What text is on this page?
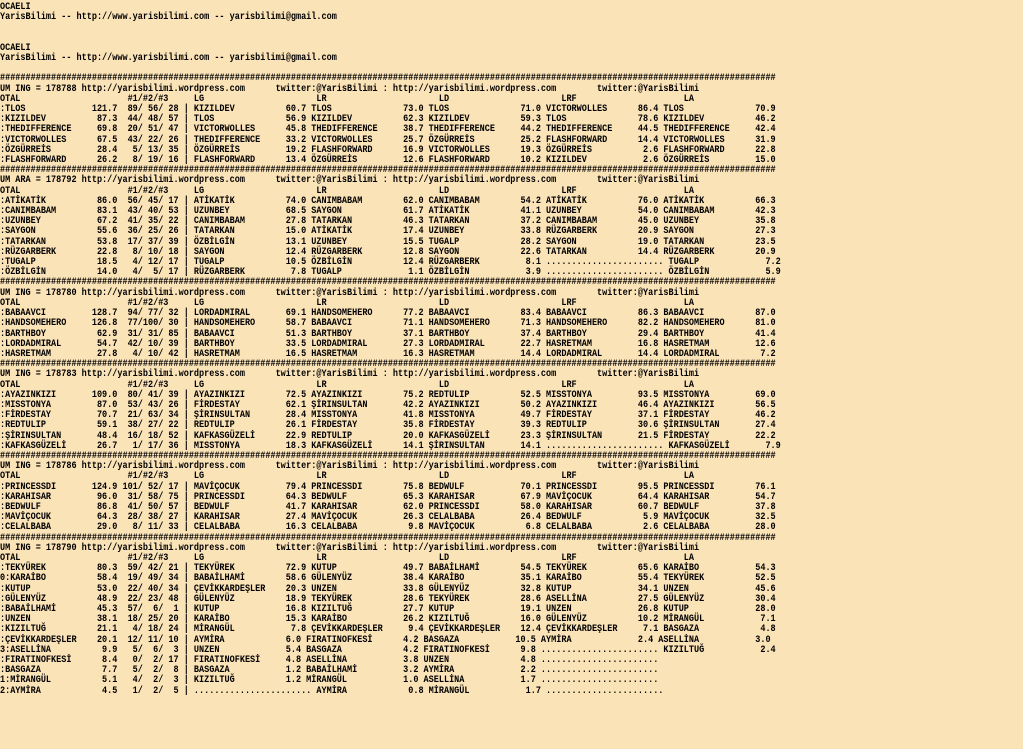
OCAELI
YarisBilimi -- http://www.yarisbilimi.com -- yarisbilimi@gmail.com

OCAELI
YarisBilimi -- http://www.yarisbilimi.com -- yarisbilimi@gmail.com

########################################################################################################################################################
UM ING = 178788 http://yarisbilimi.wordpress.com      twitter:@YarisBilimi : http://yarisbilimi.wordpress.com        twitter:@YarisBilimi
OTAL                     #1/#2/#3     LG                      LR                      LD                      LRF                     LA
:TLOS             121.7  89/ 56/ 28 | KIZILDEV          60.7 TLOS              73.0 TLOS              71.0 VICTORWOLLES      86.4 TLOS              70.9
:KIZILDEV          87.3  44/ 48/ 57 | TLOS              56.9 KIZILDEV          62.3 KIZILDEV          59.3 TLOS              78.6 KIZILDEV          46.2
:THEDIFFERENCE     69.8  20/ 51/ 47 | VICTORWOLLES      45.8 THEDIFFERENCE     38.7 THEDIFFERENCE     44.2 THEDIFFERENCE     44.5 THEDIFFERENCE     42.4
:VICTORWOLLES      67.5  43/ 22/ 26 | THEDIFFERENCE     33.2 VICTORWOLLES      25.7 ÖZGÜRREİS         25.2 FLASHFORWARD      14.4 VICTORWOLLES      31.9
:ÖZGÜRREİS         28.4   5/ 13/ 35 | ÖZGÜRREİS         19.2 FLASHFORWARD      16.9 VICTORWOLLES      19.3 ÖZGÜRREİS          2.6 FLASHFORWARD      22.8
:FLASHFORWARD      26.2   8/ 19/ 16 | FLASHFORWARD      13.4 ÖZGÜRREİS         12.6 FLASHFORWARD      10.2 KIZILDEV           2.6 ÖZGÜRREİS         15.0
########################################################################################################################################################
UM ARA = 178792 http://yarisbilimi.wordpress.com      twitter:@YarisBilimi : http://yarisbilimi.wordpress.com        twitter:@YarisBilimi
OTAL                     #1/#2/#3     LG                      LR                      LD                      LRF                     LA
:ATİKATİK          86.0  56/ 45/ 17 | ATİKATİK          74.0 CANIMBABAM        62.0 CANIMBABAM        54.2 ATİKATİK          76.0 ATİKATİK          66.3
:CANIMBABAM        83.1  43/ 40/ 53 | UZUNBEY           68.5 SAYGON            61.7 ATİKATİK          41.1 UZUNBEY           54.0 CANIMBABAM        42.3
:UZUNBEY           67.2  41/ 35/ 22 | CANIMBABAM        27.8 TATARKAN          46.3 TATARKAN          37.2 CANIMBABAM        45.0 UZUNBEY           35.8
:SAYGON            55.6  36/ 25/ 26 | TATARKAN          15.0 ATİKATİK          17.4 UZUNBEY           33.8 RÜZGARBERK        20.9 SAYGON            27.3
:TATARKAN          53.8  17/ 37/ 39 | ÖZBİLGİN          13.1 UZUNBEY           15.5 TUGALP            28.2 SAYGON            19.0 TATARKAN          23.5
:RÜZGARBERK        22.8   8/ 10/ 18 | SAYGON            12.4 RÜZGARBERK        12.8 SAYGON            22.6 TATARKAN          14.4 RÜZGARBERK        20.9
:TUGALP            18.5   4/ 12/ 17 | TUGALP            10.5 ÖZBİLGİN          12.4 RÜZGARBERK         8.1 ....................... TUGALP             7.2
:ÖZBİLGİN          14.0   4/  5/ 17 | RÜZGARBERK         7.8 TUGALP             1.1 ÖZBİLGİN           3.9 ....................... ÖZBİLGİN           5.9
########################################################################################################################################################
UM ING = 178780 http://yarisbilimi.wordpress.com      twitter:@YarisBilimi : http://yarisbilimi.wordpress.com        twitter:@YarisBilimi
OTAL                     #1/#2/#3     LG                      LR                      LD                      LRF                     LA
:BABAAVCI         128.7  94/ 77/ 32 | LORDADMIRAL       69.1 HANDSOMEHERO      77.2 BABAAVCI          83.4 BABAAVCI          86.3 BABAAVCI          87.0
:HANDSOMEHERO     126.8  77/100/ 30 | HANDSOMEHERO      58.7 BABAAVCI          71.1 HANDSOMEHERO      71.3 HANDSOMEHERO      82.2 HANDSOMEHERO      81.0
:BARTHBOY          62.9  31/ 31/ 85 | BABAAVCI          51.3 BARTHBOY          37.1 BARTHBOY          37.4 BARTHBOY          29.4 BARTHBOY          41.4
:LORDADMIRAL       54.7  42/ 10/ 39 | BARTHBOY          33.5 LORDADMIRAL       27.3 LORDADMIRAL       22.7 HASRETMAM         16.8 HASRETMAM         12.6
:HASRETMAM         27.8   4/ 10/ 42 | HASRETMAM         16.5 HASRETMAM         16.3 HASRETMAM         14.4 LORDADMIRAL       14.4 LORDADMIRAL        7.2
########################################################################################################################################################
UM ING = 178783 http://yarisbilimi.wordpress.com      twitter:@YarisBilimi : http://yarisbilimi.wordpress.com        twitter:@YarisBilimi
OTAL                     #1/#2/#3     LG                      LR                      LD                      LRF                     LA
:AYAZINKIZI       109.0  80/ 41/ 39 | AYAZINKIZI        72.5 AYAZINKIZI        75.2 REDTULIP          52.5 MISSTONYA         93.5 MISSTONYA         69.0
:MISSTONYA         87.0  53/ 43/ 26 | FİRDESTAY         62.1 ŞİRINSULTAN       42.2 AYAZINKIZI        50.2 AYAZINKIZI        46.4 AYAZINKIZI        56.5
:FİRDESTAY         70.7  21/ 63/ 34 | ŞİRINSULTAN       28.4 MISSTONYA         41.8 MISSTONYA         49.7 FİRDESTAY         37.1 FİRDESTAY         46.2
:REDTULIP          59.1  38/ 27/ 22 | REDTULIP          26.1 FİRDESTAY         35.8 FİRDESTAY         39.3 REDTULIP          30.6 ŞİRINSULTAN       27.4
:ŞİRINSULTAN       48.4  16/ 18/ 52 | KAFKASGÜZELİ      22.9 REDTULIP          20.0 KAFKASGÜZELİ      23.3 ŞİRINSULTAN       21.5 FİRDESTAY         22.2
:KAFKASGÜZELİ      26.7   1/ 17/ 36 | MISSTONYA         18.3 KAFKASGÜZELİ      14.1 ŞİRINSULTAN       14.1 ....................... KAFKASGÜZELİ       7.9
########################################################################################################################################################
UM ING = 178786 http://yarisbilimi.wordpress.com      twitter:@YarisBilimi : http://yarisbilimi.wordpress.com        twitter:@YarisBilimi
OTAL                     #1/#2/#3     LG                      LR                      LD                      LRF                     LA
:PRINCESSDI       124.9 101/ 52/ 17 | MAVİÇOCUK         79.4 PRINCESSDI        75.8 BEDWULF           70.1 PRINCESSDI        95.5 PRINCESSDI        76.1
:KARAHISAR         96.0  31/ 58/ 75 | PRINCESSDI        64.3 BEDWULF           65.3 KARAHISAR         67.9 MAVİÇOCUK         64.4 KARAHISAR         54.7
:BEDWULF           86.8  41/ 50/ 57 | BEDWULF           41.7 KARAHISAR         62.0 PRINCESSDI        58.0 KARAHISAR         60.7 BEDWULF           37.8
:MAVİÇOCUK         64.3  28/ 38/ 27 | KARAHISAR         27.4 MAVİÇOCUK         26.3 CELALBABA         26.4 BEDWULF            5.9 MAVİÇOCUK         32.5
:CELALBABA         29.0   8/ 11/ 33 | CELALBABA         16.3 CELALBABA          9.8 MAVİÇOCUK          6.8 CELALBABA          2.6 CELALBABA         28.0
########################################################################################################################################################
UM ING = 178790 http://yarisbilimi.wordpress.com      twitter:@YarisBilimi : http://yarisbilimi.wordpress.com        twitter:@YarisBilimi
OTAL                     #1/#2/#3     LG                      LR                      LD                      LRF                     LA
:TEKYÜREK          80.3  59/ 42/ 21 | TEKYÜREK          72.9 KUTUP             49.7 BABAİLHAMİ        54.5 TEKYÜREK          65.6 KARAİBO           54.3
0:KARAİBO          58.4  19/ 49/ 34 | BABAİLHAMİ        58.6 GÜLENYÜZ          38.4 KARAİBO           35.1 KARAİBO           55.4 TEKYÜREK          52.5
:KUTUP             53.0  22/ 40/ 34 | ÇEVİKKARDEŞLER    20.3 UNZEN             33.8 GÜLENYÜZ          32.8 KUTUP             34.1 UNZEN             45.6
:GÜLENYÜZ          48.9  22/ 23/ 48 | GÜLENYÜZ          18.9 TEKYÜREK          28.6 TEKYÜREK          28.6 ASELLİNA          27.5 GÜLENYÜZ          30.4
:BABAİLHAMİ        45.3  57/  6/  1 | KUTUP             16.8 KIZILTUĞ          27.7 KUTUP             19.1 UNZEN             26.8 KUTUP             28.0
:UNZEN             38.1  18/ 25/ 20 | KARAİBO           15.3 KARAİBO           26.2 KIZILTUĞ          16.0 GÜLENYÜZ          10.2 MİRANGÜL           7.1
:KIZILTUĞ          21.1   4/ 18/ 24 | MİRANGÜL           7.8 ÇEVİKKARDEŞLER     9.4 ÇEVİKKARDEŞLER    12.4 ÇEVİKKARDEŞLER     7.1 BASGAZA            4.8
:ÇEVİKKARDEŞLER    20.1  12/ 11/ 10 | AYMİRA            6.0 FIRATINOFKESİ      4.2 BASGAZA           10.5 AYMİRA             2.4 ASELLİNA           3.0
3:ASELLİNA          9.9   5/  6/  3 | UNZEN             5.4 BASGAZA            4.2 FIRATINOFKESİ      9.8 ....................... KIZILTUĞ           2.4
:FIRATINOFKESİ      8.4   0/  2/ 17 | FIRATINOFKESİ     4.8 ASELLİNA           3.8 UNZEN              4.8 .......................
:BASGAZA            7.7   5/  2/  8 | BASGAZA           1.2 BABAİLHAMİ         3.2 AYMİRA             2.2 .......................
1:MİRANGÜL          5.1   4/  2/  3 | KIZILTUĞ          1.2 MİRANGÜL           1.0 ASELLİNA           1.7 .......................
2:AYMİRA            4.5   1/  2/  5 | ....................... AYMİRA            0.8 MİRANGÜL           1.7 .......................
